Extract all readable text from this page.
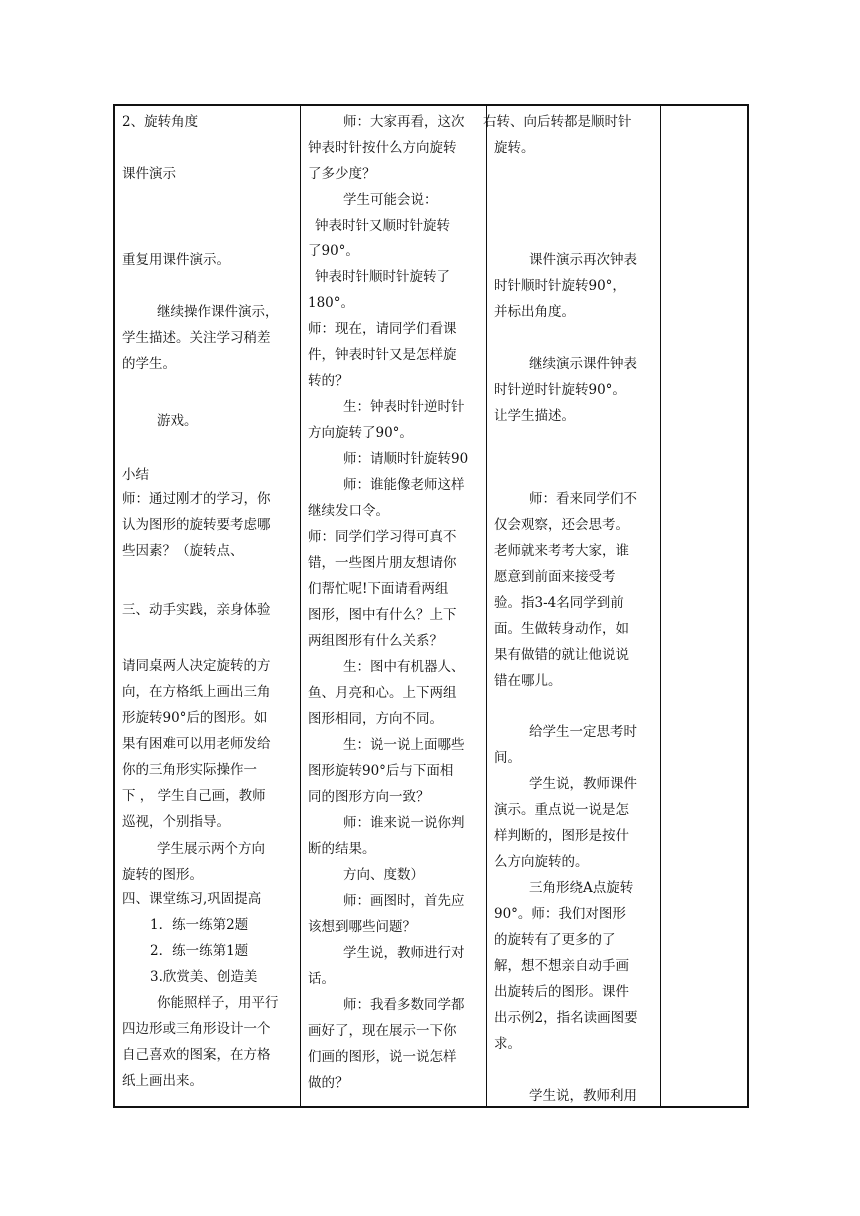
2、旋转角度
课件演示
重复用课件演示。
继续操作课件演示，
学生描述。关注学习稍差
的学生。
游戏。
小结
师：通过刚才的学习，你
认为图形的旋转要考虑哪
些因素？（旋转点、
三、动手实践，亲身体验
请同桌两人决定旋转的方
向，在方格纸上画出三角
形旋转90°后的图形。如
果有困难可以用老师发给
你的三角形实际操作一
下 ， 学生自己画，教师
巡视，个别指导。
学生展示两个方向
旋转的图形。
四、课堂练习,巩固提高
1．练一练第2题
2．练一练第1题
3.欣赏美、创造美
你能照样子，用平行
四边形或三角形设计一个
自己喜欢的图案，在方格
纸上画出来。
师：大家再看，这次
钟表时针按什么方向旋转
了多少度？
学生可能会说：
钟表时针又顺时针旋转
了90°。
钟表时针顺时针旋转了
180°。
师：现在，请同学们看课
件，钟表时针又是怎样旋
转的？
生：钟表时针逆时针
方向旋转了90°。
师：请顺时针旋转90
师：谁能像老师这样
继续发口令。
师：同学们学习得可真不
错，一些图片朋友想请你
们帮忙呢!下面请看两组
图形，图中有什么？上下
两组图形有什么关系？
生：图中有机器人、
鱼、月亮和心。上下两组
图形相同，方向不同。
生：说一说上面哪些
图形旋转90°后与下面相
同的图形方向一致？
师：谁来说一说你判
断的结果。
方向、度数）
师：画图时，首先应
该想到哪些问题？
学生说，教师进行对
话。
师：我看多数同学都
画好了，现在展示一下你
们画的图形，说一说怎样
做的？
右转、向后转都是顺时针
旋转。
课件演示再次钟表
时针顺时针旋转90°，
并标出角度。
继续演示课件钟表
时针逆时针旋转90°。
让学生描述。
师：看来同学们不
仅会观察，还会思考。
老师就来考考大家，谁
愿意到前面来接受考
验。指3-4名同学到前
面。生做转身动作，如
果有做错的就让他说说
错在哪儿。
给学生一定思考时
间。
学生说，教师课件
演示。重点说一说是怎
样判断的，图形是按什
么方向旋转的。
三角形绕A点旋转
90°。师：我们对图形
的旋转有了更多的了
解，想不想亲自动手画
出旋转后的图形。课件
出示例2，指名读画图要
求。
学生说，教师利用
